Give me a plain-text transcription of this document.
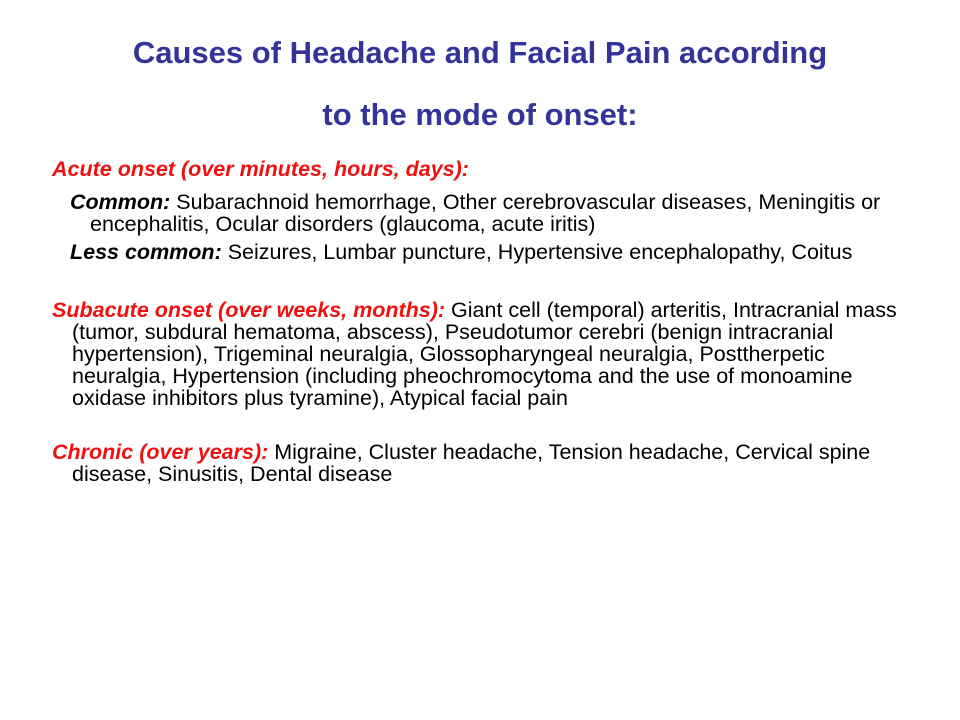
Causes of Headache and Facial Pain according
to the mode of onset:
Acute onset (over minutes, hours, days):

Common: Subarachnoid hemorrhage, Other cerebrovascular diseases, Meningitis or encephalitis, Ocular disorders (glaucoma, acute iritis)

Less common: Seizures, Lumbar puncture, Hypertensive encephalopathy, Coitus

Subacute onset (over weeks, months): Giant cell (temporal) arteritis, Intracranial mass (tumor, subdural hematoma, abscess), Pseudotumor cerebri (benign intracranial hypertension), Trigeminal neuralgia, Glossopharyngeal neuralgia, Posttherpetic neuralgia, Hypertension (including pheochromocytoma and the use of monoamine oxidase inhibitors plus tyramine), Atypical facial pain
Chronic (over years): Migraine, Cluster headache, Tension headache, Cervical spine disease, Sinusitis, Dental disease
